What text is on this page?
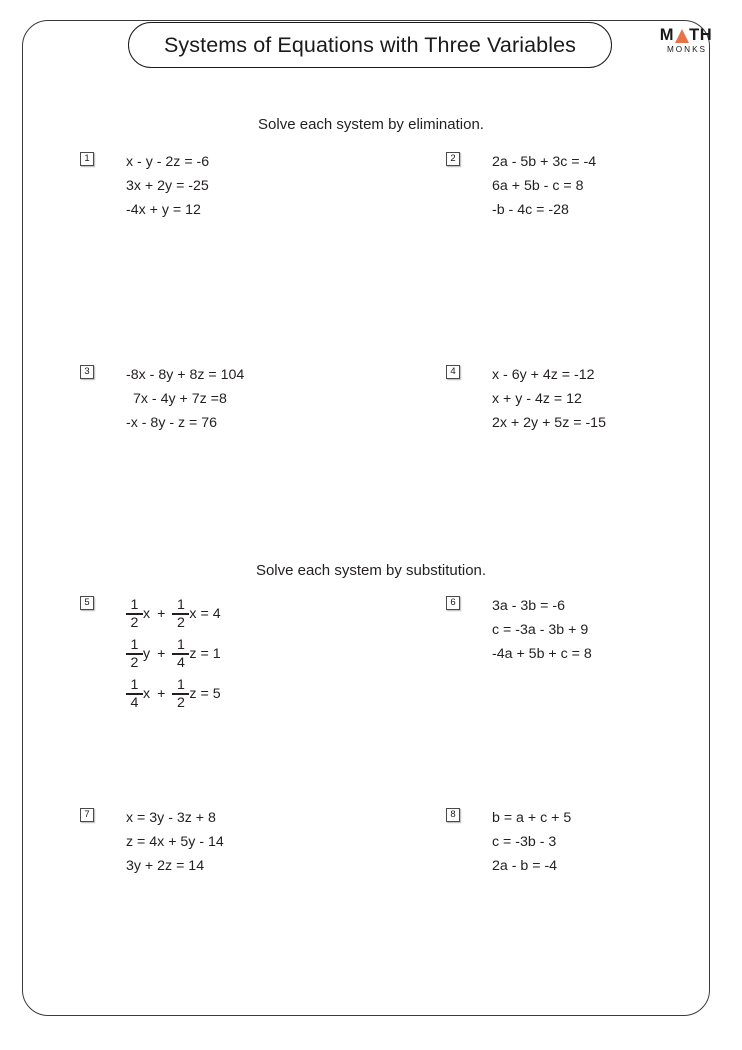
Systems of Equations with Three Variables	M TH
MONKS
Solve each system by elimination.
Solve each system by substitution.
1	x - y - 2z = -6
3x + 2y = -25
-4x + y = 12
2	2a - 5b + 3c = -4
6a + 5b - c = 8
-b - 4c = -28
3	-8x - 8y + 8z = 104
7x - 4y + 7z =8
-x - 8y - z = 76
4	x - 6y + 4z = -12
x + y - 4z = 12
2x + 2y + 5z = -15
5	$\frac{1}{2}$ $x + \frac{1}{2}$ x = 4
$\frac{1}{2}$ $y + \frac{1}{4}$ z = 1
$\frac{1}{4}$ $x + \frac{1}{2}$ z = 5
6	3a - 3b = -6
c = -3a - 3b + 9
-4a + 5b + c = 8
7	x = 3y - 3z + 8
z = 4x + 5y - 14
3y + 2z = 14
8	b = a + c + 5
c = -3b - 3
2a - b = -4
